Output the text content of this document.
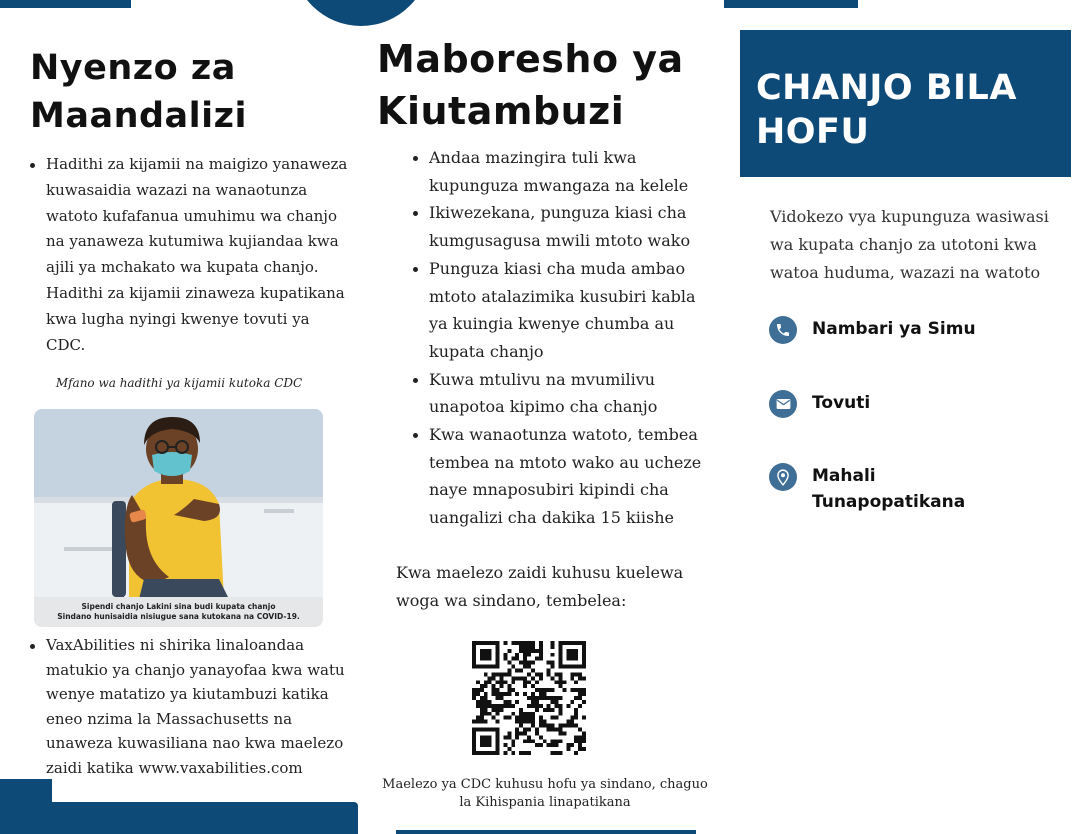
Nyenzo za Maandalizi
Hadithi za kijamii na maigizo yanaweza kuwasaidia wazazi na wanaotunza watoto kufafanua umuhimu wa chanjo na yanaweza kutumiwa kujiandaa kwa ajili ya mchakato wa kupata chanjo. Hadithi za kijamii zinaweza kupatikana kwa lugha nyingi kwenye tovuti ya CDC.
Mfano wa hadithi ya kijamii kutoka CDC
Sipendi chanjo Lakini sina budi kupata chanjo
Sindano hunisaidia nisiugue sana kutokana na COVID-19.
VaxAbilities ni shirika linaloandaa matukio ya chanjo yanayofaa kwa watu wenye matatizo ya kiutambuzi katika eneo nzima la Massachusetts na unaweza kuwasiliana nao kwa maelezo zaidi katika www.vaxabilities.com
Maboresho ya Kiutambuzi
Andaa mazingira tuli kwa kupunguza mwangaza na kelele
Ikiwezekana, punguza kiasi cha kumgusagusa mwili mtoto wako
Punguza kiasi cha muda ambao mtoto atalazimika kusubiri kabla ya kuingia kwenye chumba au kupata chanjo
Kuwa mtulivu na mvumilivu unapotoa kipimo cha chanjo
Kwa wanaotunza watoto, tembea tembea na mtoto wako au ucheze naye mnaposubiri kipindi cha uangalizi cha dakika 15 kiishe
Kwa maelezo zaidi kuhusu kuelewa woga wa sindano, tembelea:
Maelezo ya CDC kuhusu hofu ya sindano, chaguo la Kihispania linapatikana
CHANJO BILA HOFU
Vidokezo vya kupunguza wasiwasi wa kupata chanjo za utotoni kwa watoa huduma, wazazi na watoto
Nambari ya Simu
Tovuti
Mahali Tunapopatikana
